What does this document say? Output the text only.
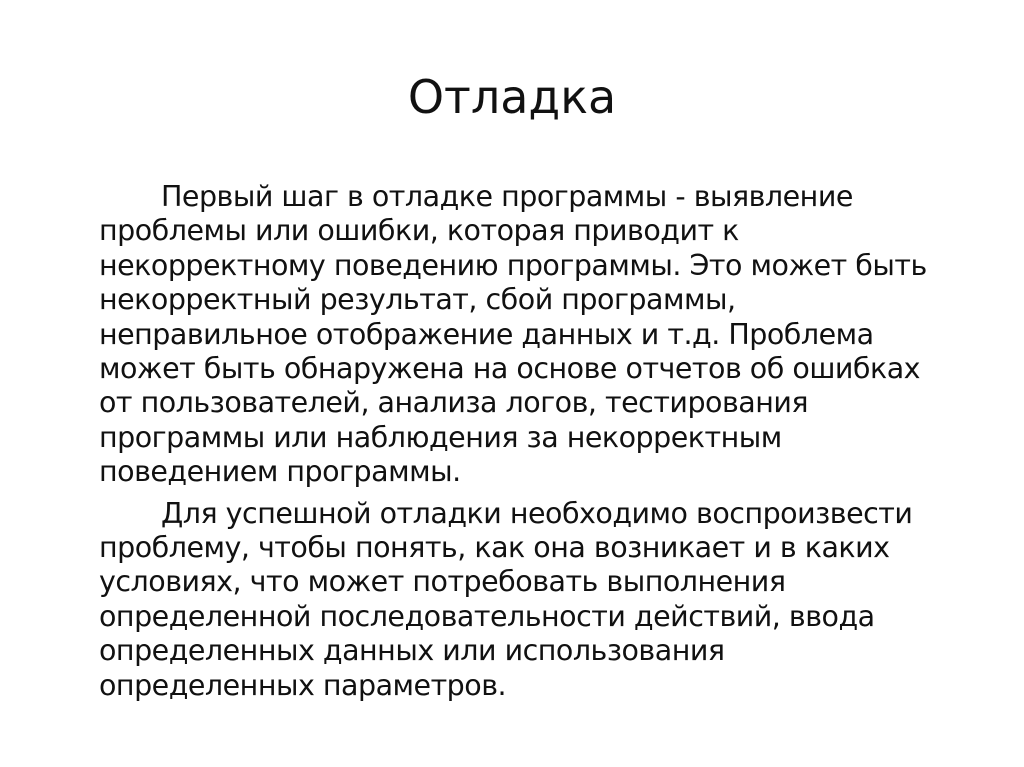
Отладка

Первый шаг в отладке программы - выявление
проблемы или ошибки, которая приводит к
некорректному поведению программы. Это может быть
некорректный результат, сбой программы,
неправильное отображение данных и т.д. Проблема
может быть обнаружена на основе отчетов об ошибках
от пользователей, анализа логов, тестирования
программы или наблюдения за некорректным
поведением программы.

Для успешной отладки необходимо воспроизвести
проблему, чтобы понять, как она возникает и в каких
условиях, что может потребовать выполнения
определенной последовательности действий, ввода
определенных данных или использования
определенных параметров.
